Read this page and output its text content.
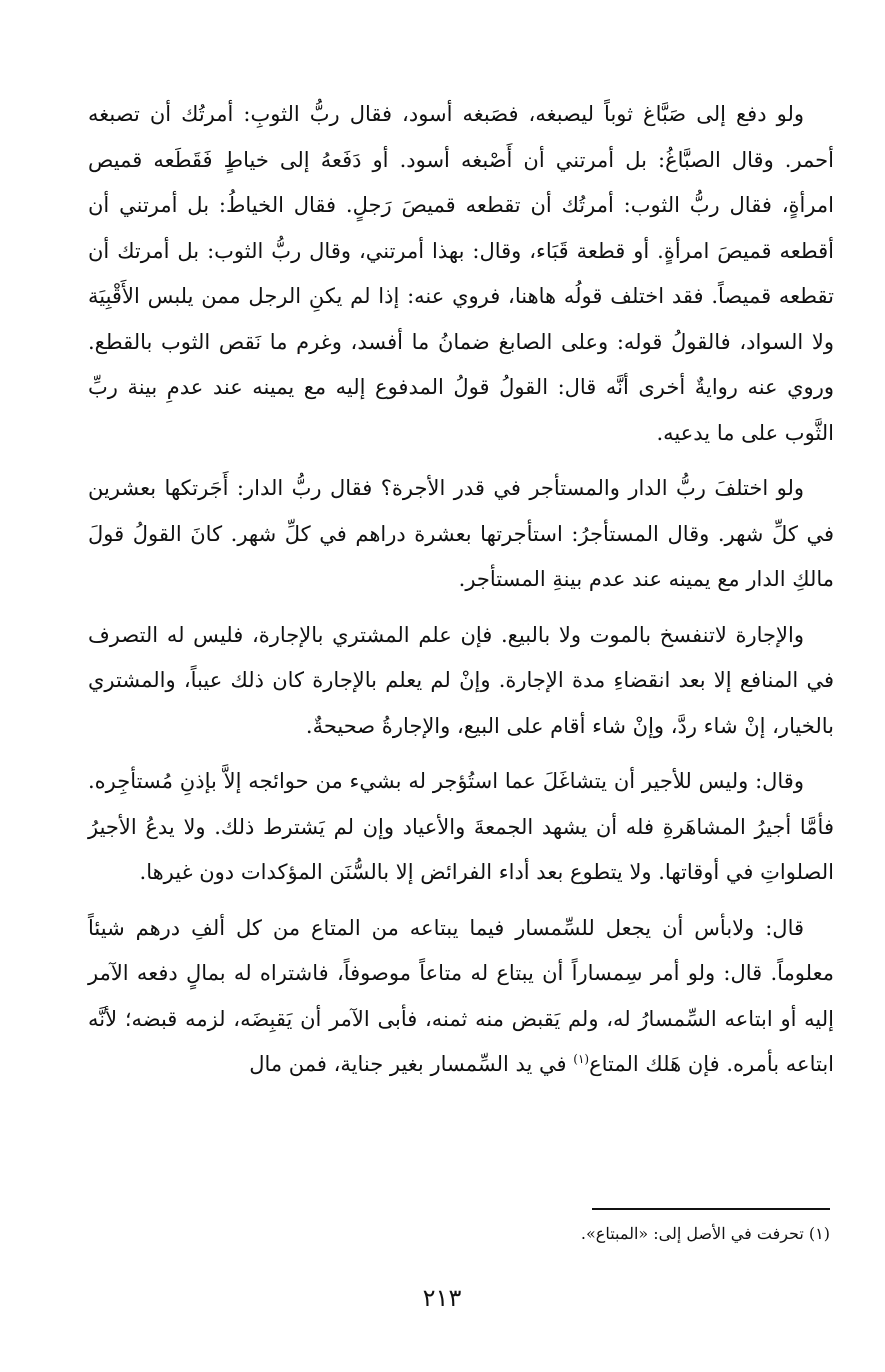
ولو دفع إلى صَبَّاغ ثوباً ليصبغه، فصَبغه أسود، فقال ربُّ الثوبِ: أمرتُك أن تصبغه أحمر. وقال الصبَّاغُ: بل أمرتني أن أَصْبغه أسود. أو دَفَعهُ إلى خياطٍ فَقَطَعه قميص امرأةٍ، فقال ربُّ الثوب: أمرتُك أن تقطعه قميصَ رَجلٍ. فقال الخياطُ: بل أمرتني أن أقطعه قميصَ امرأةٍ. أو قطعة قَبَاء، وقال: بهذا أمرتني، وقال ربُّ الثوب: بل أمرتك أن تقطعه قميصاً. فقد اختلف قولُه هاهنا، فروي عنه: إذا لم يكنِ الرجل ممن يلبس الأَقْبِيَة ولا السواد، فالقولُ قوله: وعلى الصابغ ضمانُ ما أفسد، وغرم ما نَقص الثوب بالقطع. وروي عنه روايةٌ أخرى أنَّه قال: القولُ قولُ المدفوع إليه مع يمينه عند عدمِ بينة ربِّ الثَّوب على ما يدعيه.

ولو اختلفَ ربُّ الدار والمستأجر في قدر الأجرة؟ فقال ربُّ الدار: أَجَرتكها بعشرين في كلِّ شهر. وقال المستأجرُ: استأجرتها بعشرة دراهم في كلِّ شهر. كانَ القولُ قولَ مالكِ الدار مع يمينه عند عدم بينةِ المستأجر.

والإجارة لاتنفسخ بالموت ولا بالبيع. فإن علم المشتري بالإجارة، فليس له التصرف في المنافع إلا بعد انقضاءِ مدة الإجارة. وإنْ لم يعلم بالإجارة كان ذلك عيباً، والمشتري بالخيار، إنْ شاء ردَّ، وإنْ شاء أقام على البيع، والإجارةُ صحيحةٌ.

وقال: وليس للأجير أن يتشاغَلَ عما استُؤجر له بشيء من حوائجه إلاَّ بإذنِ مُستأجِره. فأمَّا أجيرُ المشاهَرةِ فله أن يشهد الجمعةَ والأعياد وإن لم يَشترط ذلك. ولا يدعُ الأجيرُ الصلواتِ في أوقاتها. ولا يتطوع بعد أداء الفرائض إلا بالسُّنَن المؤكدات دون غيرها.

قال: ولابأس أن يجعل للسِّمسار فيما يبتاعه من المتاع من كل ألفِ درهم شيئاً معلوماً. قال: ولو أمر سِمساراً أن يبتاع له متاعاً موصوفاً، فاشتراه له بمالٍ دفعه الآمر إليه أو ابتاعه السِّمسارُ له، ولم يَقبض منه ثمنه، فأبى الآمر أن يَقبِضَه، لزمه قبضه؛ لأنَّه ابتاعه بأمره. فإن هَلك المتاع$^{(١)}$ في يد السِّمسار بغير جناية، فمن مال

(١) تحرفت في الأصل إلى: «المبتاع».
٢١٣
